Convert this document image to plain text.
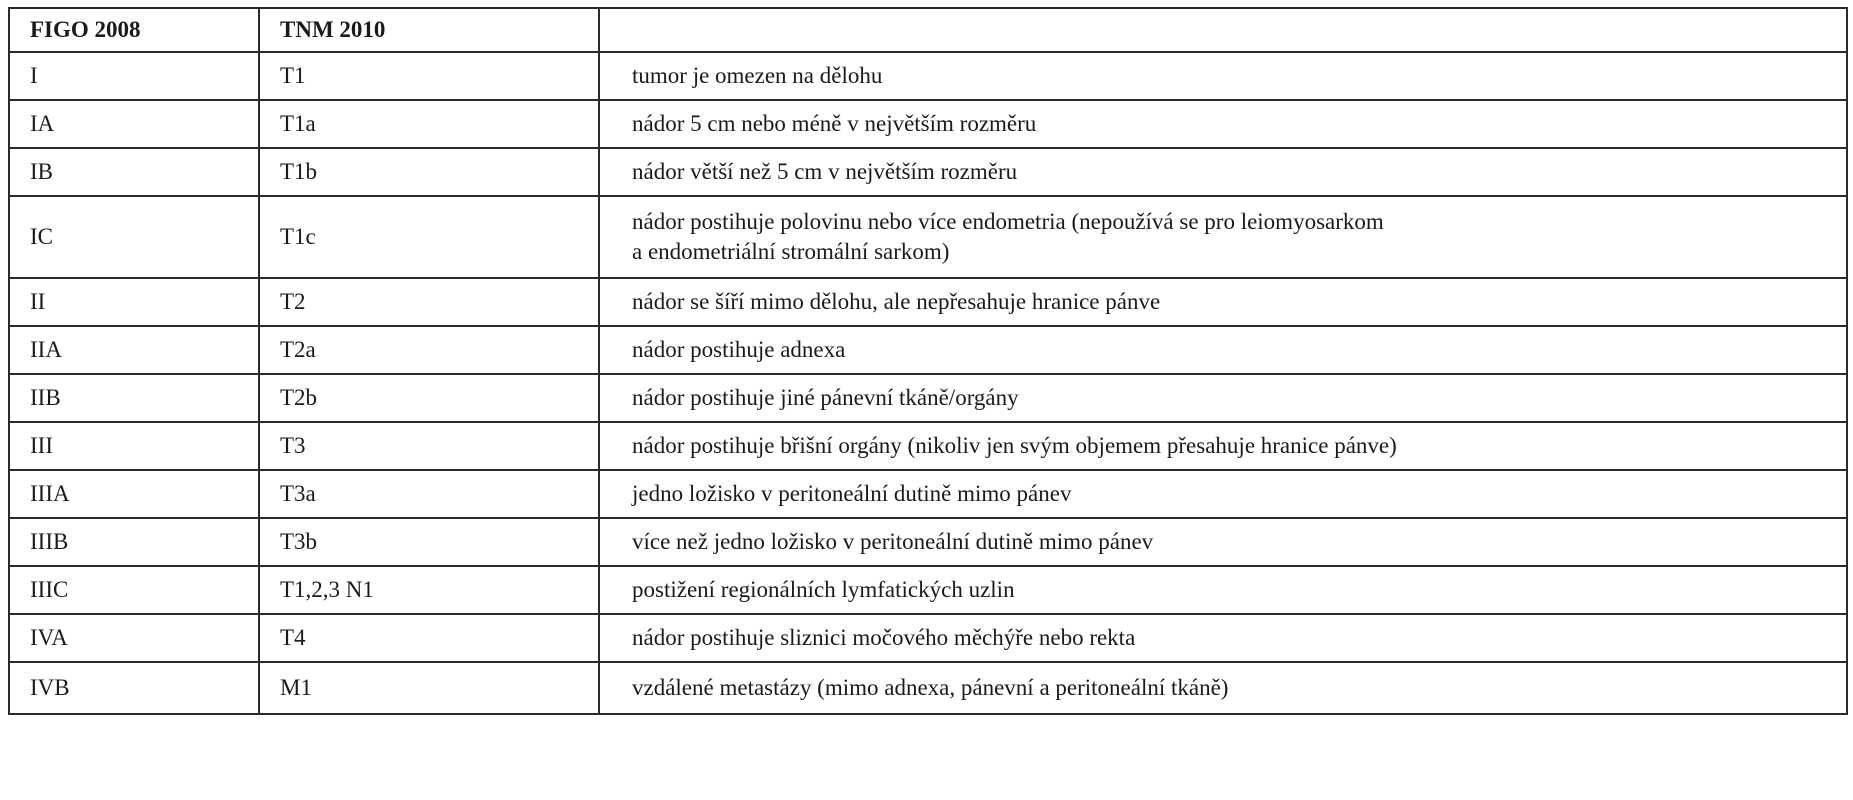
FIGO 2008	TNM 2010	
I	T1	tumor je omezen na dělohu

IA	T1a	nádor 5 cm nebo méně v největším rozměru

IB	T1b	nádor větší než 5 cm v největším rozměru

IC	T1c	nádor postihuje polovinu nebo více endometria (nepoužívá se pro leiomyosarkom
a endometriální stromální sarkom)

II	T2	nádor se šíří mimo dělohu, ale nepřesahuje hranice pánve

IIA	T2a	nádor postihuje adnexa

IIB	T2b	nádor postihuje jiné pánevní tkáně/orgány

III	T3	nádor postihuje břišní orgány (nikoliv jen svým objemem přesahuje hranice pánve)

IIIA	T3a	jedno ložisko v peritoneální dutině mimo pánev

IIIB	T3b	více než jedno ložisko v peritoneální dutině mimo pánev

IIIC	T1,2,3 N1	postižení regionálních lymfatických uzlin

IVA	T4	nádor postihuje sliznici močového měchýře nebo rekta

IVB	M1	vzdálené metastázy (mimo adnexa, pánevní a peritoneální tkáně)
